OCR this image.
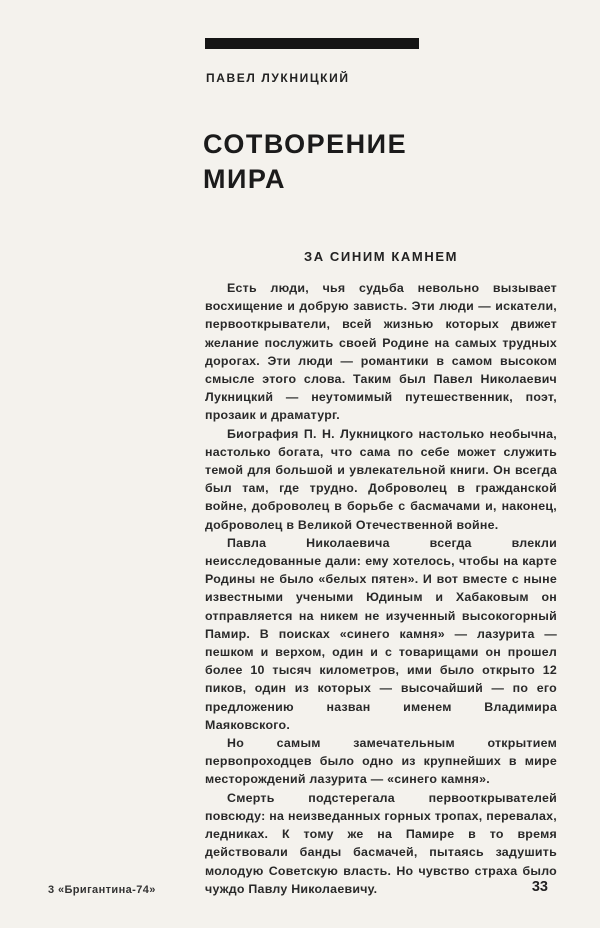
ПАВЕЛ ЛУКНИЦКИЙ
СОТВОРЕНИЕ
МИРА
ЗА СИНИМ КАМНЕМ

Есть люди, чья судьба невольно вызывает восхищение и добрую зависть. Эти люди — искатели, первооткрыватели, всей жизнью которых движет желание послужить своей Родине на самых трудных дорогах. Эти люди — романтики в самом высоком смысле этого слова. Таким был Павел Николаевич Лукницкий — неутомимый путешественник, поэт, прозаик и драматург.

Биография П. Н. Лукницкого настолько необычна, настолько богата, что сама по себе может служить темой для большой и увлекательной книги. Он всегда был там, где трудно. Доброволец в гражданской войне, доброволец в борьбе с басмачами и, наконец, доброволец в Великой Отечественной войне.

Павла Николаевича всегда влекли неисследованные дали: ему хотелось, чтобы на карте Родины не было «белых пятен». И вот вместе с ныне известными учеными Юдиным и Хабаковым он отправляется на никем не изученный высокогорный Памир. В поисках «синего камня» — лазурита — пешком и верхом, один и с товарищами он прошел более 10 тысяч километров, ими было открыто 12 пиков, один из которых — высочайший — по его предложению назван именем Владимира Маяковского.

Но самым замечательным открытием первопроходцев было одно из крупнейших в мире месторождений лазурита — «синего камня».

Смерть подстерегала первооткрывателей повсюду: на неизведанных горных тропах, перевалах, ледниках. К тому же на Памире в то время действовали банды басмачей, пытаясь задушить молодую Советскую власть. Но чувство страха было чуждо Павлу Николаевичу.

3 «Бригантина-74»	33
